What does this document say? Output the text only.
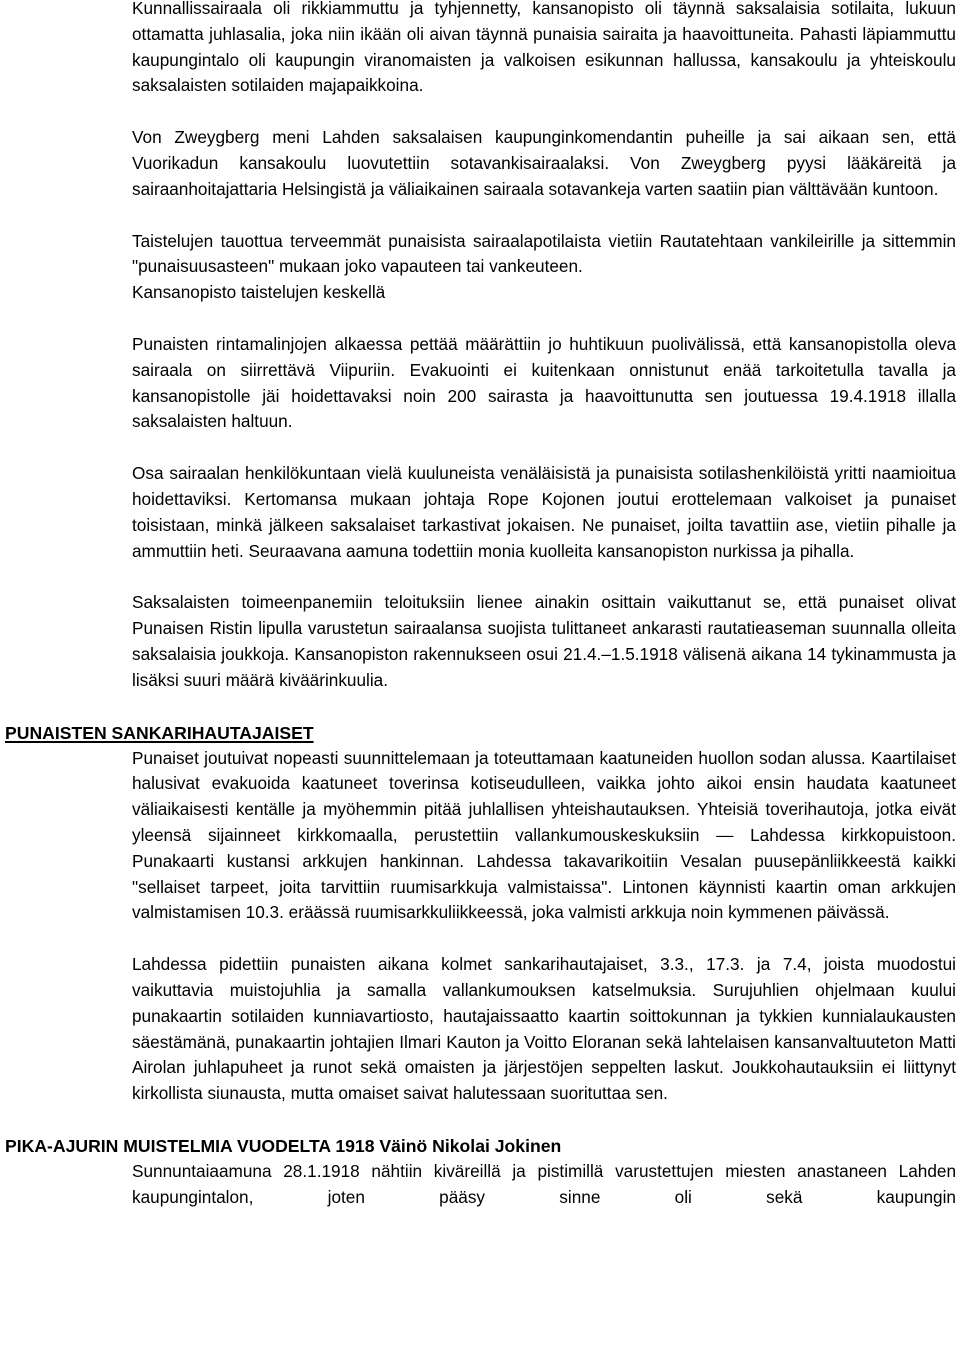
Kunnallissairaala oli rikkiammuttu ja tyhjennetty, kansanopisto oli täynnä saksalaisia sotilaita, lukuun ottamatta juhlasalia, joka niin ikään oli aivan täynnä punaisia sairaita ja haavoittuneita. Pahasti läpiammuttu kaupungintalo oli kaupungin viranomaisten ja valkoisen esikunnan hallussa, kansakoulu ja yhteiskoulu saksalaisten sotilaiden majapaikkoina.

Von Zweygberg meni Lahden saksalaisen kaupunginkomendantin puheille ja sai aikaan sen, että Vuorikadun kansakoulu luovutettiin sotavankisairaalaksi. Von Zweygberg pyysi lääkäreitä ja sairaanhoitajattaria Helsingistä ja väliaikainen sairaala sotavankeja varten saatiin pian välttävään kuntoon.

Taistelujen tauottua terveemmät punaisista sairaalapotilaista vietiin Rautatehtaan vankileirille ja sittemmin "punaisuusasteen" mukaan joko vapauteen tai vankeuteen.

Kansanopisto taistelujen keskellä

Punaisten rintamalinjojen alkaessa pettää määrättiin jo huhtikuun puolivälissä, että kansanopistolla oleva sairaala on siirrettävä Viipuriin. Evakuointi ei kuitenkaan onnistunut enää tarkoitetulla tavalla ja kansanopistolle jäi hoidettavaksi noin 200 sairasta ja haavoittunutta sen joutuessa 19.4.1918 illalla saksalaisten haltuun.

Osa sairaalan henkilökuntaan vielä kuuluneista venäläisistä ja punaisista sotilashenkilöistä yritti naamioitua hoidettaviksi. Kertomansa mukaan johtaja Rope Kojonen joutui erottelemaan valkoiset ja punaiset toisistaan, minkä jälkeen saksalaiset tarkastivat jokaisen. Ne punaiset, joilta tavattiin ase, vietiin pihalle ja ammuttiin heti. Seuraavana aamuna todettiin monia kuolleita kansanopiston nurkissa ja pihalla.

Saksalaisten toimeenpanemiin teloituksiin lienee ainakin osittain vaikuttanut se, että punaiset olivat Punaisen Ristin lipulla varustetun sairaalansa suojista tulittaneet ankarasti rautatieaseman suunnalla olleita saksalaisia joukkoja. Kansanopiston rakennukseen osui 21.4.–1.5.1918 välisenä aikana 14 tykinammusta ja lisäksi suuri määrä kiväärinkuulia.

PUNAISTEN SANKARIHAUTAJAISET

Punaiset joutuivat nopeasti suunnittelemaan ja toteuttamaan kaatuneiden huollon sodan alussa. Kaartilaiset halusivat evakuoida kaatuneet toverinsa kotiseudulleen, vaikka johto aikoi ensin haudata kaatuneet väliaikaisesti kentälle ja myöhemmin pitää juhlallisen yhteishautauksen. Yhteisiä toverihautoja, jotka eivät yleensä sijainneet kirkkomaalla, perustettiin vallankumouskeskuksiin — Lahdessa kirkkopuistoon. Punakaarti kustansi arkkujen hankinnan. Lahdessa takavarikoitiin Vesalan puusepänliikkeestä kaikki "sellaiset tarpeet, joita tarvittiin ruumisarkkuja valmistaissa". Lintonen käynnisti kaartin oman arkkujen valmistamisen 10.3. eräässä ruumisarkkuliikkeessä, joka valmisti arkkuja noin kymmenen päivässä.

Lahdessa pidettiin punaisten aikana kolmet sankarihautajaiset, 3.3., 17.3. ja 7.4, joista muodostui vaikuttavia muistojuhlia ja samalla vallankumouksen katselmuksia. Surujuhlien ohjelmaan kuului punakaartin sotilaiden kunniavartiosto, hautajaissaatto kaartin soittokunnan ja tykkien kunnialaukausten säestämänä, punakaartin johtajien Ilmari Kauton ja Voitto Eloranan sekä lahtelaisen kansanvaltuuteton Matti Airolan juhlapuheet ja runot sekä omaisten ja järjestöjen seppelten laskut. Joukkohautauksiin ei liittynyt kirkollista siunausta, mutta omaiset saivat halutessaan suorituttaa sen.

PIKA-AJURIN MUISTELMIA VUODELTA 1918 Väinö Nikolai Jokinen

Sunnuntaiaamuna 28.1.1918 nähtiin kiväreillä ja pistimillä varustettujen miesten anastaneen Lahden kaupungintalon, joten pääsy sinne oli sekä kaupungin
